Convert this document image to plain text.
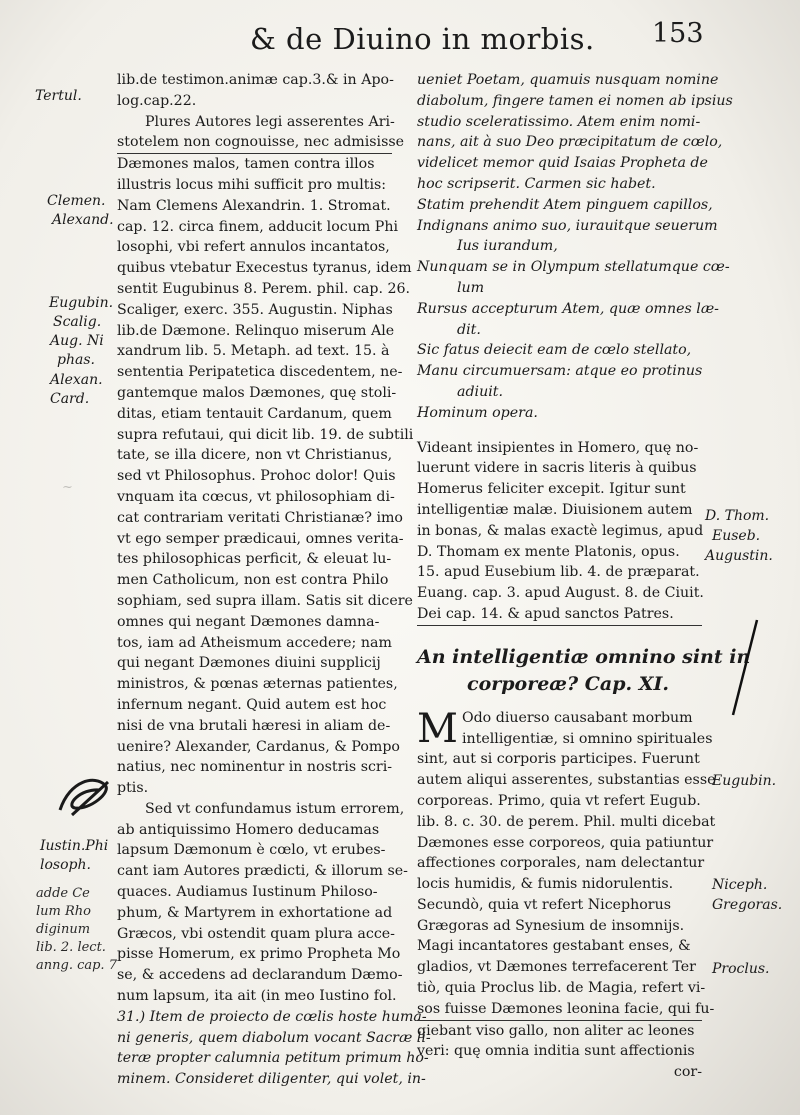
& de Diuino in morbis. 153
~
Tertul.
Clemen.
Alexand.
Eugubin.
Scalig.
Aug. Ni
phas.
Alexan.
Card.
Iustin.Phi
losoph.
adde Ce
lum Rho
diginum
lib. 2. lect.
anng. cap. 7
lib.de testimon.animæ cap.3.& in Apo-
log.cap.22.
Plures Autores legi asserentes Ari-
stotelem non cognouisse, nec admisisse
Dæmones malos, tamen contra illos
illustris locus mihi sufficit pro multis:
Nam Clemens Alexandrin. 1. Stromat.
cap. 12. circa finem, adducit locum Phi
losophi, vbi refert annulos incantatos,
quibus vtebatur Execestus tyranus, idem
sentit Eugubinus 8. Perem. phil. cap. 26.
Scaliger, exerc. 355. Augustin. Niphas
lib.de Dæmone. Relinquo miserum Ale
xandrum lib. 5. Metaph. ad text. 15. à
sententia Peripatetica discedentem, ne-
gantemque malos Dæmones, quę stoli-
ditas, etiam tentauit Cardanum, quem
supra refutaui, qui dicit lib. 19. de subtili
tate, se illa dicere, non vt Christianus,
sed vt Philosophus. Prohoc dolor! Quis
vnquam ita cœcus, vt philosophiam di-
cat contrariam veritati Christianæ? imo
vt ego semper prædicaui, omnes verita-
tes philosophicas perficit, & eleuat lu-
men Catholicum, non est contra Philo
sophiam, sed supra illam. Satis sit dicere
omnes qui negant Dæmones damna-
tos, iam ad Atheismum accedere; nam
qui negant Dæmones diuini supplicij
ministros, & pœnas æternas patientes,
infernum negant. Quid autem est hoc
nisi de vna brutali hæresi in aliam de-
uenire? Alexander, Cardanus, & Pompo
natius, nec nominentur in nostris scri-
ptis.
Sed vt confundamus istum errorem,
ab antiquissimo Homero deducamas
lapsum Dæmonum è cœlo, vt erubes-
cant iam Autores prædicti, & illorum se-
quaces. Audiamus Iustinum Philoso-
phum, & Martyrem in exhortatione ad
Græcos, vbi ostendit quam plura acce-
pisse Homerum, ex primo Propheta Mo
se, & accedens ad declarandum Dæmo-
num lapsum, ita ait (in meo Iustino fol.
31.) Item de proiecto de cœlis hoste huma-
ni generis, quem diabolum vocant Sacræ li-
teræ propter calumnia petitum primum ho-
minem. Consideret diligenter, qui volet, in-
ueniet Poetam, quamuis nusquam nomine
diabolum, fingere tamen ei nomen ab ipsius
studio sceleratissimo. Atem enim nomi-
nans, ait à suo Deo præcipitatum de cœlo,
videlicet memor quid Isaias Propheta de
hoc scripserit. Carmen sic habet.
Statim prehendit Atem pinguem capillos,
Indignans animo suo, iurauitque seuerum
Ius iurandum,
Nunquam se in Olympum stellatumque cœ-
lum
Rursus accepturum Atem, quæ omnes læ-
dit.
Sic fatus deiecit eam de cœlo stellato,
Manu circumuersam: atque eo protinus
adiuit.
Hominum opera.
Videant insipientes in Homero, quę no-
luerunt videre in sacris literis à quibus
Homerus feliciter excepit. Igitur sunt
intelligentiæ malæ. Diuisionem autem
in bonas, & malas exactè legimus, apud
D. Thomam ex mente Platonis, opus.
15. apud Eusebium lib. 4. de præparat.
Euang. cap. 3. apud August. 8. de Ciuit.
Dei cap. 14. & apud sanctos Patres.
An intelligentiæ omnino sint in
corporeæ? Cap. XI.
M Odo diuerso causabant morbum
intelligentiæ, si omnino spirituales
sint, aut si corporis participes. Fuerunt
autem aliqui asserentes, substantias esse
corporeas. Primo, quia vt refert Eugub.
lib. 8. c. 30. de perem. Phil. multi dicebat
Dæmones esse corporeos, quia patiuntur
affectiones corporales, nam delectantur
locis humidis, & fumis nidorulentis.
Secundò, quia vt refert Nicephorus
Grægoras ad Synesium de insomnijs.
Magi incantatores gestabant enses, &
gladios, vt Dæmones terrefacerent Ter
tiò, quia Proclus lib. de Magia, refert vi-
sos fuisse Dæmones leonina facie, qui fu-
giebant viso gallo, non aliter ac leones
veri: quę omnia inditia sunt affectionis
cor-
D. Thom.
Euseb.
Augustin.
Eugubin.
Niceph.
Gregoras.
Proclus.
